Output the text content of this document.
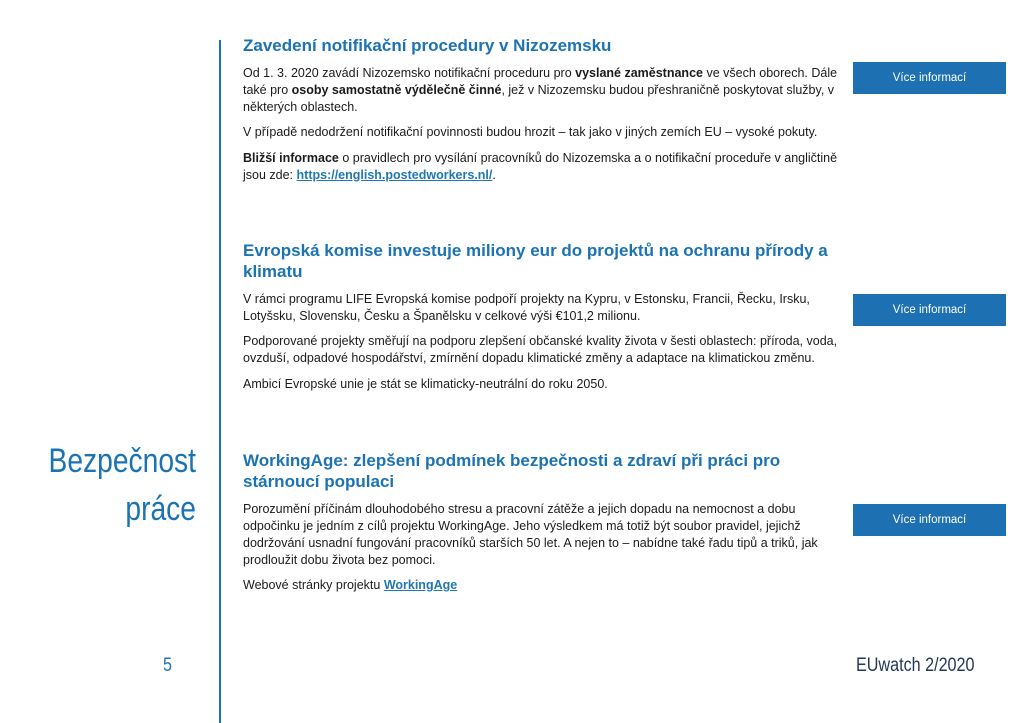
Bezpečnost
práce
Zavedení notifikační procedury v Nizozemsku

Od 1. 3. 2020 zavádí Nizozemsko notifikační proceduru pro vyslané zaměstnance ve všech oborech. Dále také pro osoby samostatně výdělečně činné, jež v Nizozemsku budou přeshraničně poskytovat služby, v některých oblastech.

V případě nedodržení notifikační povinnosti budou hrozit – tak jako v jiných zemích EU – vysoké pokuty.

Bližší informace o pravidlech pro vysílání pracovníků do Nizozemska a o notifikační proceduře v angličtině jsou zde: https://english.postedworkers.nl/.

Více informací
Evropská komise investuje miliony eur do projektů na ochranu přírody a klimatu

V rámci programu LIFE Evropská komise podpoří projekty na Kypru, v Estonsku, Francii, Řecku, Irsku, Lotyšsku, Slovensku, Česku a Španělsku v celkové výši €101,2 milionu.

Podporované projekty směřují na podporu zlepšení občanské kvality života v šesti oblastech: příroda, voda, ovzduší, odpadové hospodářství, zmírnění dopadu klimatické změny a adaptace na klimatickou změnu.

Ambicí Evropské unie je stát se klimaticky-neutrální do roku 2050.

Více informací
WorkingAge: zlepšení podmínek bezpečnosti a zdraví při práci pro stárnoucí populaci

Porozumění příčinám dlouhodobého stresu a pracovní zátěže a jejich dopadu na nemocnost a dobu odpočinku je jedním z cílů projektu WorkingAge. Jeho výsledkem má totiž být soubor pravidel, jejichž dodržování usnadní fungování pracovníků starších 50 let. A nejen to – nabídne také řadu tipů a triků, jak prodloužit dobu života bez pomoci.

Webové stránky projektu WorkingAge

Více informací
5	EUwatch 2/2020
